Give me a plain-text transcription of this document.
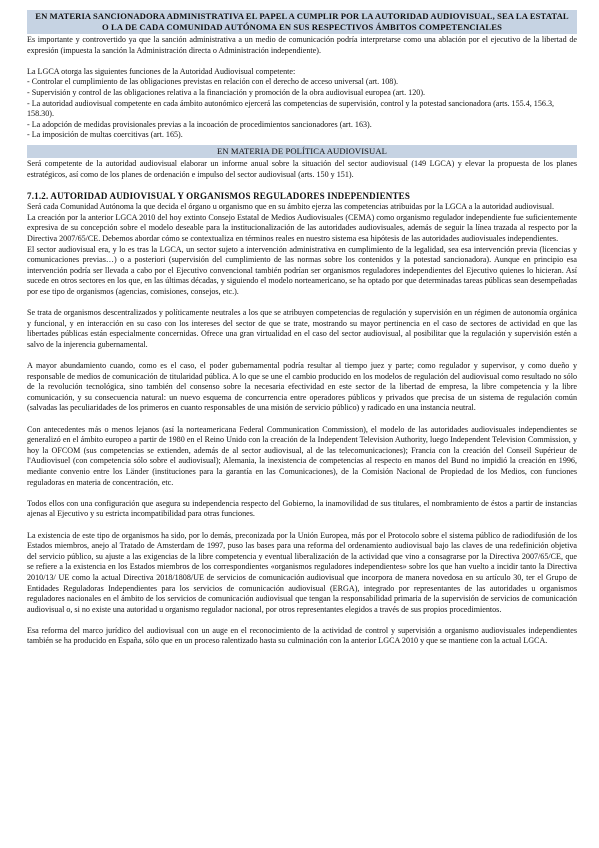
EN MATERIA SANCIONADORA ADMINISTRATIVA EL PAPEL A CUMPLIR POR LA AUTORIDAD AUDIOVISUAL, SEA LA ESTATAL O LA DE CADA COMUNIDAD AUTÓNOMA EN SUS RESPECTIVOS ÁMBITOS COMPETENCIALES

Es importante y controvertido ya que la sanción administrativa a un medio de comunicación podría interpretarse como una ablación por el ejecutivo de la libertad de expresión (impuesta la sanción la Administración directa o Administración independiente).

La LGCA otorga las siguientes funciones de la Autoridad Audiovisual competente:

- Controlar el cumplimiento de las obligaciones previstas en relación con el derecho de acceso universal (art. 108).

- Supervisión y control de las obligaciones relativa a la financiación y promoción de la obra audiovisual europea (art. 120).

- La autoridad audiovisual competente en cada ámbito autonómico ejercerá las competencias de supervisión, control y la potestad sancionadora (arts. 155.4, 156.3, 158.30).

- La adopción de medidas provisionales previas a la incoación de procedimientos sancionadores (art. 163).

- La imposición de multas coercitivas (art. 165).

EN MATERIA DE POLÍTICA AUDIOVISUAL

Será competente de la autoridad audiovisual elaborar un informe anual sobre la situación del sector audiovisual (149 LGCA) y elevar la propuesta de los planes estratégicos, así como de los planes de ordenación e impulso del sector audiovisual (arts. 150 y 151).

7.1.2. AUTORIDAD AUDIOVISUAL Y ORGANISMOS REGULADORES INDEPENDIENTES

Será cada Comunidad Autónoma la que decida el órgano u organismo que en su ámbito ejerza las competencias atribuidas por la LGCA a la autoridad audiovisual.

La creación por la anterior LGCA 2010 del hoy extinto Consejo Estatal de Medios Audiovisuales (CEMA) como organismo regulador independiente fue suficientemente expresiva de su concepción sobre el modelo deseable para la institucionalización de las autoridades audiovisuales, además de seguir la línea trazada al respecto por la Directiva 2007/65/CE. Debemos abordar cómo se contextualiza en términos reales en nuestro sistema esa hipótesis de las autoridades audiovisuales independientes.

El sector audiovisual era, y lo es tras la LGCA, un sector sujeto a intervención administrativa en cumplimiento de la legalidad, sea esa intervención previa (licencias y comunicaciones previas…) o a posteriori (supervisión del cumplimiento de las normas sobre los contenidos y la potestad sancionadora). Aunque en principio esa intervención podría ser llevada a cabo por el Ejecutivo convencional también podrían ser organismos reguladores independientes del Ejecutivo quienes lo hicieran. Así sucede en otros sectores en los que, en las últimas décadas, y siguiendo el modelo norteamericano, se ha optado por que determinadas tareas públicas sean desempeñadas por ese tipo de organismos (agencias, comisiones, consejos, etc.).

Se trata de organismos descentralizados y políticamente neutrales a los que se atribuyen competencias de regulación y supervisión en un régimen de autonomía orgánica y funcional, y en interacción en su caso con los intereses del sector de que se trate, mostrando su mayor pertinencia en el caso de sectores de actividad en que las libertades públicas están especialmente concernidas. Ofrece una gran virtualidad en el caso del sector audiovisual, al posibilitar que la regulación y supervisión estén a salvo de la injerencia gubernamental.

A mayor abundamiento cuando, como es el caso, el poder gubernamental podría resultar al tiempo juez y parte; como regulador y supervisor, y como dueño y responsable de medios de comunicación de titularidad pública. A lo que se une el cambio producido en los modelos de regulación del audiovisual como resultado no sólo de la revolución tecnológica, sino también del consenso sobre la necesaria efectividad en este sector de la libertad de empresa, la libre competencia y la libre comunicación, y su consecuencia natural: un nuevo esquema de concurrencia entre operadores públicos y privados que precisa de un sistema de regulación común (salvadas las peculiaridades de los primeros en cuanto responsables de una misión de servicio público) y radicado en una instancia neutral.

Con antecedentes más o menos lejanos (así la norteamericana Federal Communication Commission), el modelo de las autoridades audiovisuales independientes se generalizó en el ámbito europeo a partir de 1980 en el Reino Unido con la creación de la Independent Television Authority, luego Independent Television Commission, y hoy la OFCOM (sus competencias se extienden, además de al sector audiovisual, al de las telecomunicaciones); Francia con la creación del Conseil Supérieur de l'Audiovisuel (con competencia sólo sobre el audiovisual); Alemania, la inexistencia de competencias al respecto en manos del Bund no impidió la creación en 1996, mediante convenio entre los Länder (instituciones para la garantía en las Comunicaciones), de la Comisión Nacional de Propiedad de los Medios, con funciones reguladoras en materia de concentración, etc.

Todos ellos con una configuración que asegura su independencia respecto del Gobierno, la inamovilidad de sus titulares, el nombramiento de éstos a partir de instancias ajenas al Ejecutivo y su estricta incompatibilidad para otras funciones.

La existencia de este tipo de organismos ha sido, por lo demás, preconizada por la Unión Europea, más por el Protocolo sobre el sistema público de radiodifusión de los Estados miembros, anejo al Tratado de Amsterdam de 1997, puso las bases para una reforma del ordenamiento audiovisual bajo las claves de una redefinición objetiva del servicio público, su ajuste a las exigencias de la libre competencia y eventual liberalización de la actividad que vino a consagrarse por la Directiva 2007/65/CE, que se refiere a la existencia en los Estados miembros de los correspondientes «organismos reguladores independientes» sobre los que han vuelto a incidir tanto la Directiva 2010/13/ UE como la actual Directiva 2018/1808/UE de servicios de comunicación audiovisual que incorpora de manera novedosa en su artículo 30, ter el Grupo de Entidades Reguladoras Independientes para los servicios de comunicación audiovisual (ERGA), integrado por representantes de las autoridades u organismos reguladores nacionales en el ámbito de los servicios de comunicación audiovisual que tengan la responsabilidad primaria de la supervisión de servicios de comunicación audiovisual o, si no existe una autoridad u organismo regulador nacional, por otros representantes elegidos a través de sus propios procedimientos.

Esa reforma del marco jurídico del audiovisual con un auge en el reconocimiento de la actividad de control y supervisión a organismo audiovisuales independientes también se ha producido en España, sólo que en un proceso ralentizado hasta su culminación con la anterior LGCA 2010 y que se mantiene con la actual LGCA.
